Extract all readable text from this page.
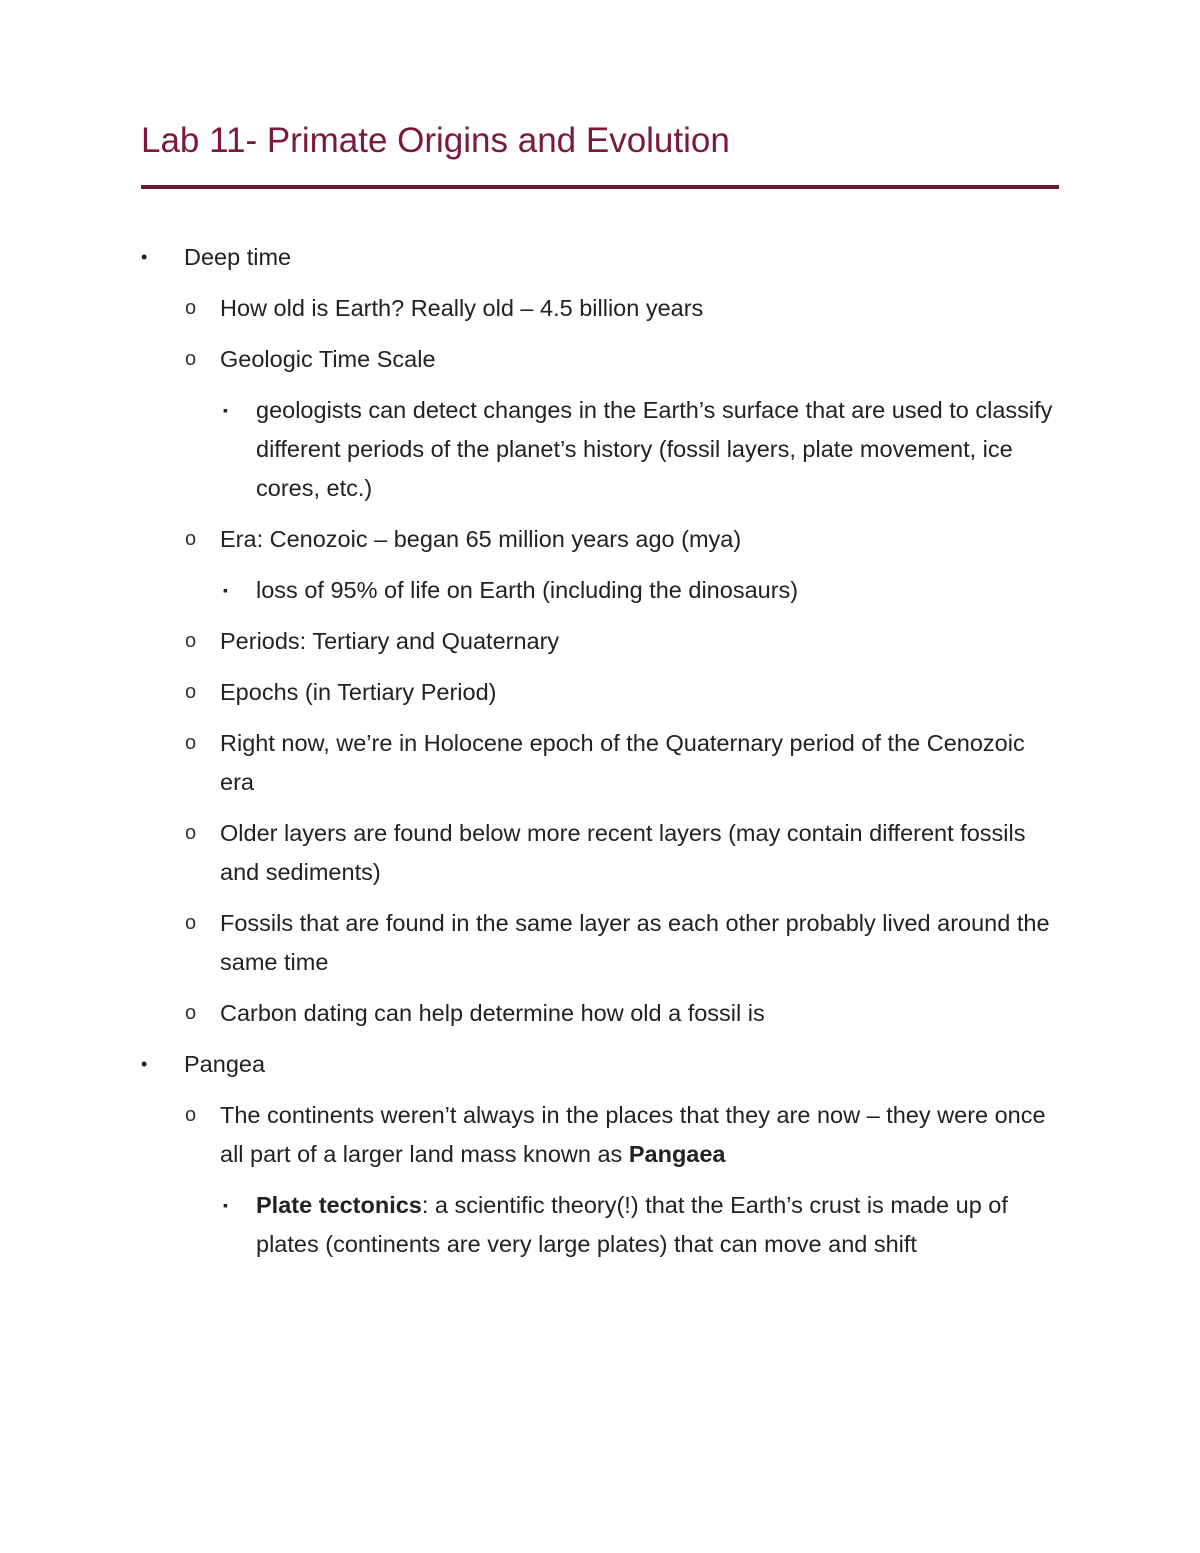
Lab 11- Primate Origins and Evolution
• Deep time
o How old is Earth? Really old – 4.5 billion years
o Geologic Time Scale
▪ geologists can detect changes in the Earth’s surface that are used to classify different periods of the planet’s history (fossil layers, plate movement, ice cores, etc.)
o Era: Cenozoic – began 65 million years ago (mya)
▪ loss of 95% of life on Earth (including the dinosaurs)
o Periods: Tertiary and Quaternary
o Epochs (in Tertiary Period)
o Right now, we’re in Holocene epoch of the Quaternary period of the Cenozoic era
o Older layers are found below more recent layers (may contain different fossils and sediments)
o Fossils that are found in the same layer as each other probably lived around the same time
o Carbon dating can help determine how old a fossil is
• Pangea
o The continents weren’t always in the places that they are now – they were once all part of a larger land mass known as Pangaea
▪ Plate tectonics: a scientific theory(!) that the Earth’s crust is made up of plates (continents are very large plates) that can move and shift
